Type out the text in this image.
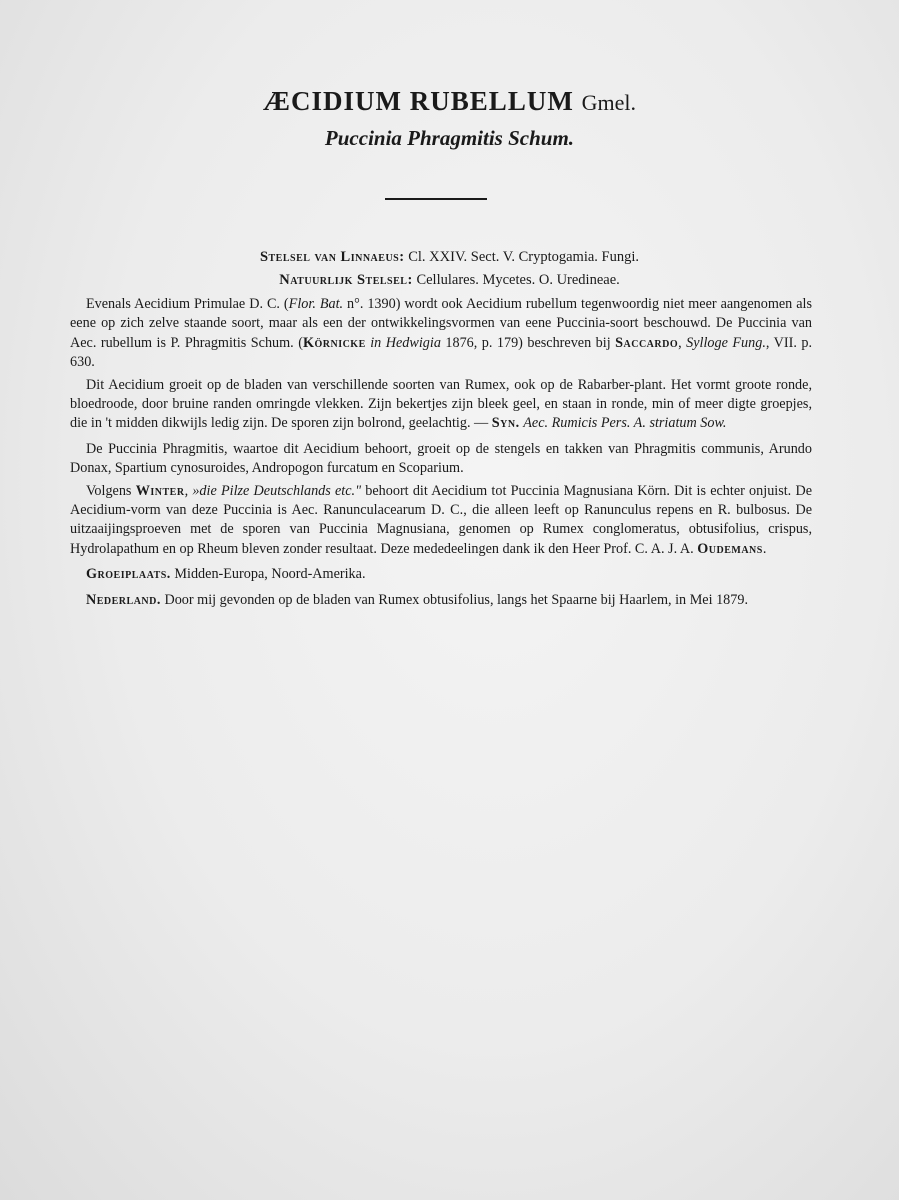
ÆCIDIUM RUBELLUM Gmel.
Puccinia Phragmitis Schum.

Stelsel van Linnaeus: Cl. XXIV. Sect. V. Cryptogamia. Fungi.

Natuurlijk Stelsel: Cellulares. Mycetes. O. Uredineae.

Evenals Aecidium Primulae D. C. (Flor. Bat. n°. 1390) wordt ook Aecidium rubellum tegenwoordig niet meer aangenomen als eene op zich zelve staande soort, maar als een der ontwikkelingsvormen van eene Puccinia-soort beschouwd. De Puccinia van Aec. rubellum is P. Phragmitis Schum. (Körnicke in Hedwigia 1876, p. 179) beschreven bij Saccardo, Sylloge Fung., VII. p. 630.

Dit Aecidium groeit op de bladen van verschillende soorten van Rumex, ook op de Rabarber-plant. Het vormt groote ronde, bloedroode, door bruine randen omringde vlekken. Zijn bekertjes zijn bleek geel, en staan in ronde, min of meer digte groepjes, die in 't midden dikwijls ledig zijn. De sporen zijn bolrond, geelachtig. — Syn. Aec. Rumicis Pers. A. striatum Sow.

De Puccinia Phragmitis, waartoe dit Aecidium behoort, groeit op de stengels en takken van Phragmitis communis, Arundo Donax, Spartium cynosuroides, Andropogon furcatum en Scoparium.

Volgens Winter, »die Pilze Deutschlands etc." behoort dit Aecidium tot Puccinia Magnusiana Körn. Dit is echter onjuist. De Aecidium-vorm van deze Puccinia is Aec. Ranunculacearum D. C., die alleen leeft op Ranunculus repens en R. bulbosus. De uitzaaijingsproeven met de sporen van Puccinia Magnusiana, genomen op Rumex conglomeratus, obtusifolius, crispus, Hydrolapathum en op Rheum bleven zonder resultaat. Deze mededeelingen dank ik den Heer Prof. C. A. J. A. Oudemans.

Groeiplaats. Midden-Europa, Noord-Amerika.

Nederland. Door mij gevonden op de bladen van Rumex obtusifolius, langs het Spaarne bij Haarlem, in Mei 1879.
